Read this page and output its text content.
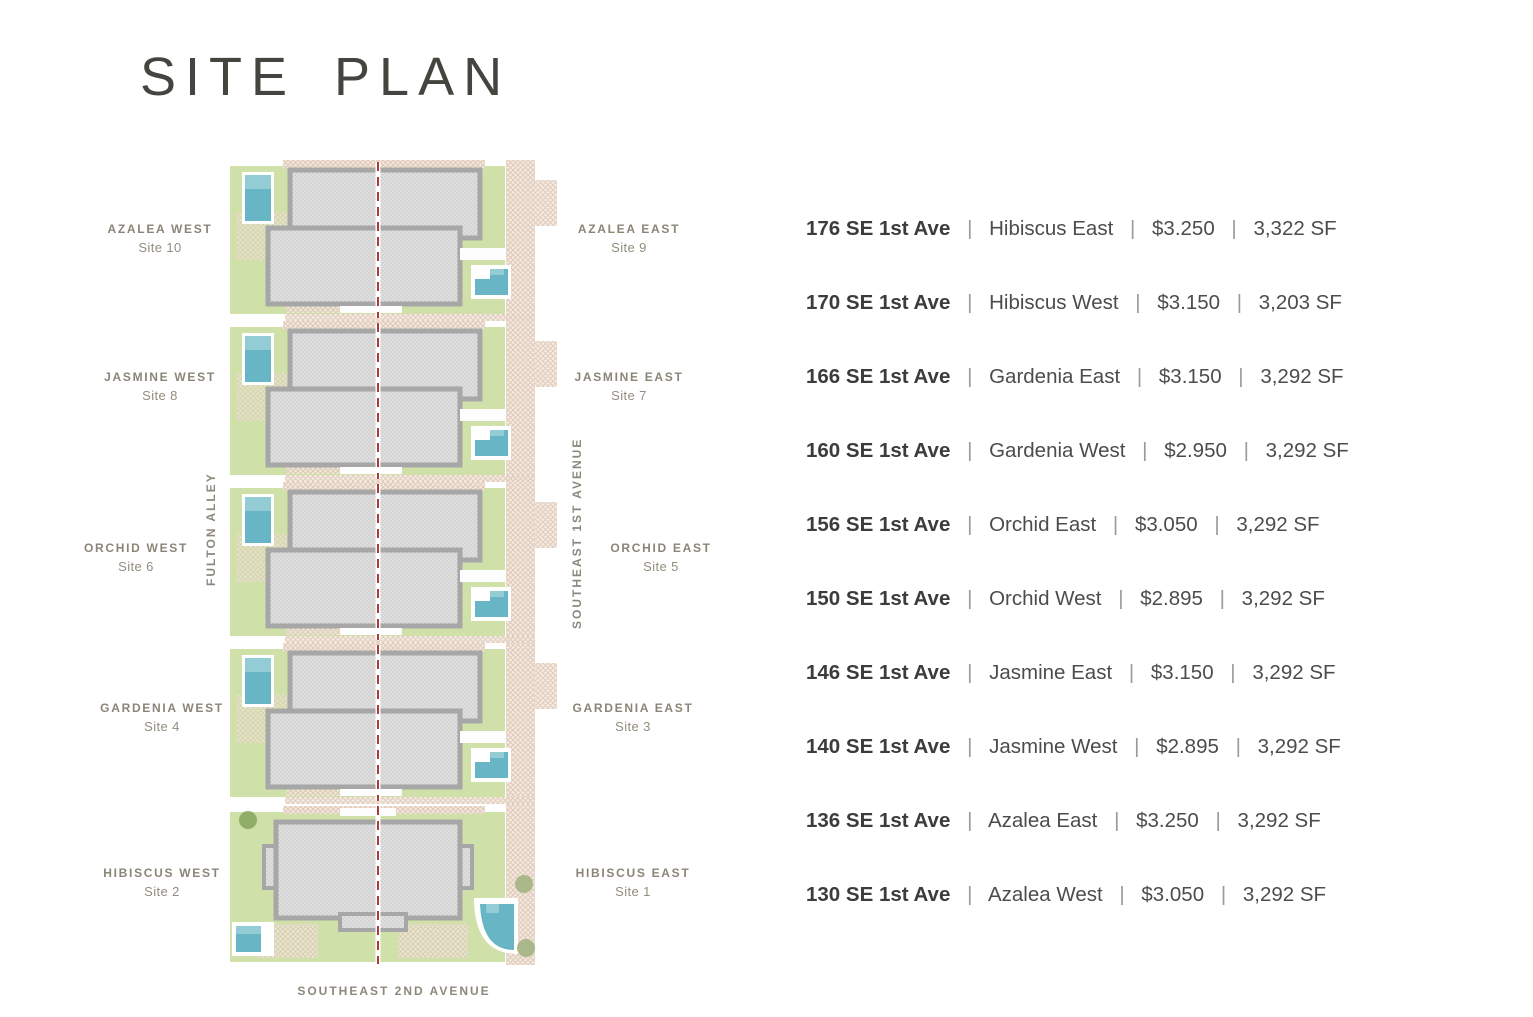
SITE PLAN
FULTON ALLEY	SOUTHEAST 1ST AVENUE
SOUTHEAST 2ND AVENUE
AZALEA WEST
Site 10
AZALEA EAST
Site 9
JASMINE WEST
Site 8
JASMINE EAST
Site 7
ORCHID WEST
Site 6
ORCHID EAST
Site 5
GARDENIA WEST
Site 4
GARDENIA EAST
Site 3
HIBISCUS WEST
Site 2
HIBISCUS EAST
Site 1
176 SE 1st Ave | Hibiscus East | $3.250 | 3,322 SF
170 SE 1st Ave | Hibiscus West | $3.150 | 3,203 SF
166 SE 1st Ave | Gardenia East | $3.150 | 3,292 SF
160 SE 1st Ave | Gardenia West | $2.950 | 3,292 SF
156 SE 1st Ave | Orchid East | $3.050 | 3,292 SF
150 SE 1st Ave | Orchid West | $2.895 | 3,292 SF
146 SE 1st Ave | Jasmine East | $3.150 | 3,292 SF
140 SE 1st Ave | Jasmine West | $2.895 | 3,292 SF
136 SE 1st Ave | Azalea East | $3.250 | 3,292 SF
130 SE 1st Ave | Azalea West | $3.050 | 3,292 SF
